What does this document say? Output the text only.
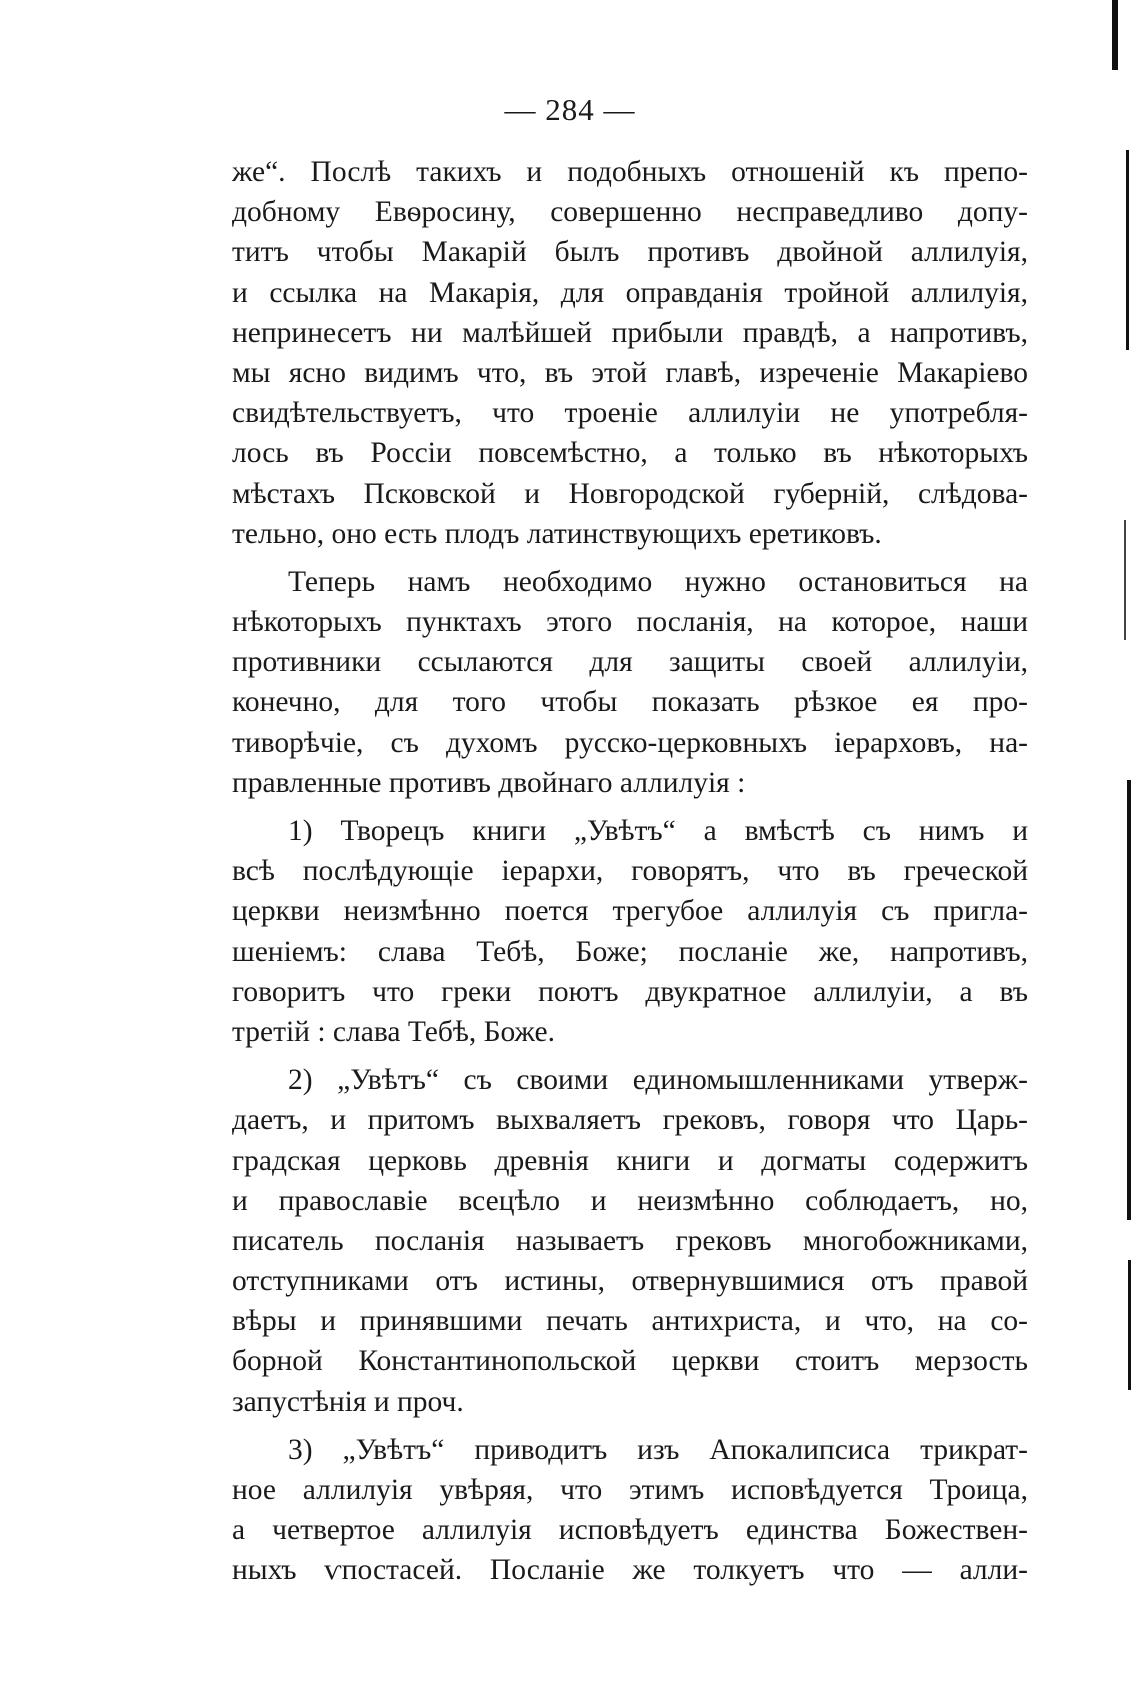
— 284 —

же“. Послѣ такихъ и подобныхъ отношеній къ препо-
добному Евѳросину, совершенно несправедливо допу-
титъ чтобы Макарій былъ противъ двойной аллилуія,
и ссылка на Макарія, для оправданія тройной аллилуія,
непринесетъ ни малѣйшей прибыли правдѣ, а напротивъ,
мы ясно видимъ что, въ этой главѣ, изреченіе Макаріево
свидѣтельствуетъ, что троеніе аллилуіи не употребля-
лось въ Россіи повсемѣстно, а только въ нѣкоторыхъ
мѣстахъ Псковской и Новгородской губерній, слѣдова-
тельно, оно есть плодъ латинствующихъ еретиковъ.

Теперь намъ необходимо нужно остановиться на
нѣкоторыхъ пунктахъ этого посланія, на которое, наши
противники ссылаются для защиты своей аллилуіи,
конечно, для того чтобы показать рѣзкое ея про-
тиворѣчіе, съ духомъ русско-церковныхъ іерарховъ, на-
правленные противъ двойнаго аллилуія :

1) Творецъ книги „Увѣтъ“ а вмѣстѣ съ нимъ и
всѣ послѣдующіе іерархи, говорятъ, что въ греческой
церкви неизмѣнно поется трегубое аллилуія съ пригла-
шеніемъ: слава Тебѣ, Боже; посланіе же, напротивъ,
говоритъ что греки поютъ двукратное аллилуіи, а въ
третій : слава Тебѣ, Боже.

2) „Увѣтъ“ съ своими единомышленниками утверж-
даетъ, и притомъ выхваляетъ грековъ, говоря что Царь-
градская церковь древнія книги и догматы содержитъ
и православіе всецѣло и неизмѣнно соблюдаетъ, но,
писатель посланія называетъ грековъ многобожниками,
отступниками отъ истины, отвернувшимися отъ правой
вѣры и принявшими печать антихриста, и что, на со-
борной Константинопольской церкви стоитъ мерзость
запустѣнія и проч.

3) „Увѣтъ“ приводитъ изъ Апокалипсиса трикрат-
ное аллилуія увѣряя, что этимъ исповѣдуется Троица,
а четвертое аллилуія исповѣдуетъ единства Божествен-
ныхъ ѵпостасей. Посланіе же толкуетъ что — алли-
